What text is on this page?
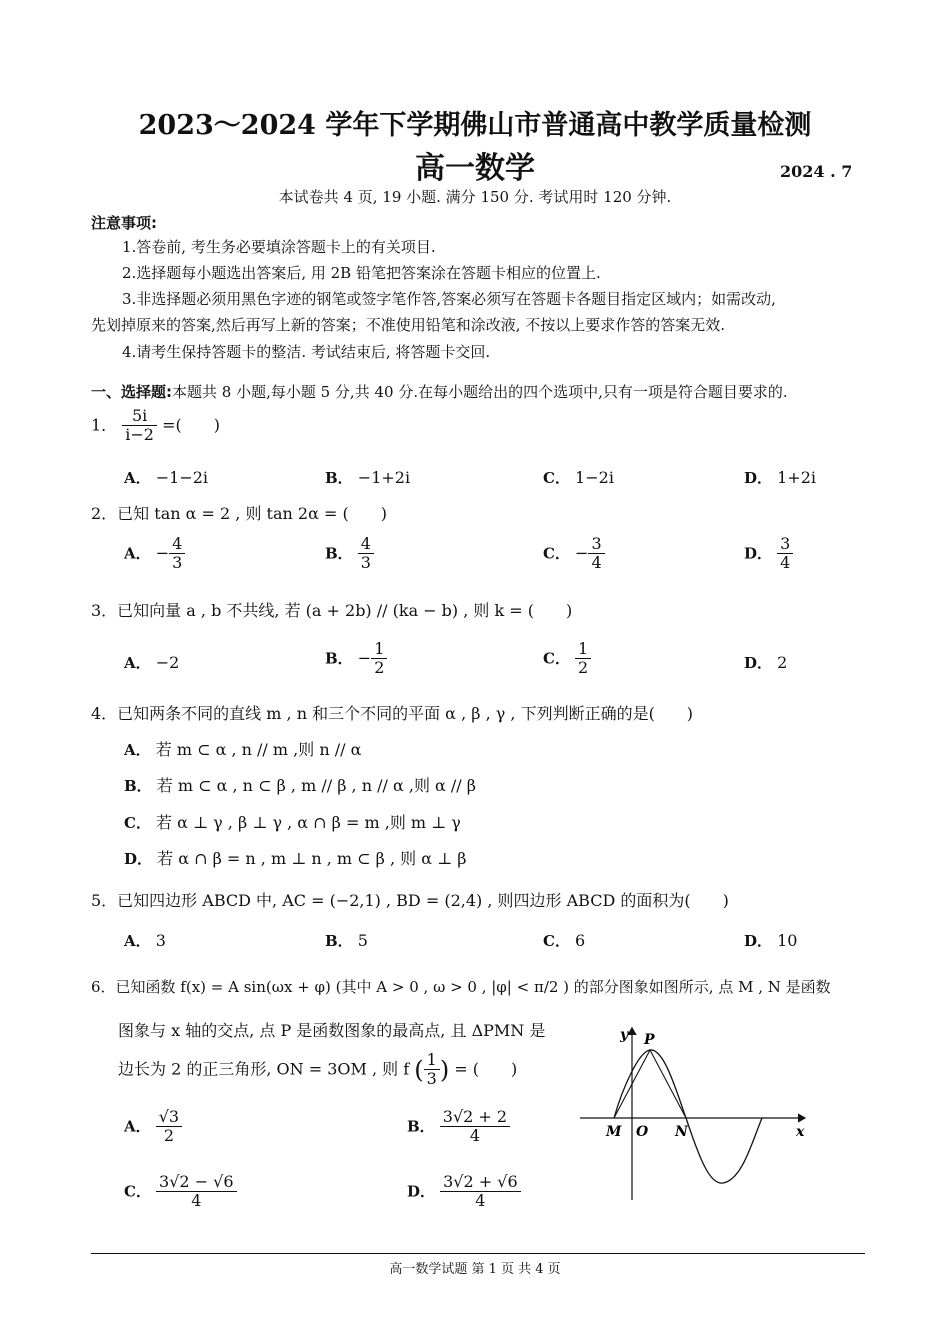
2023～2024 学年下学期佛山市普通高中教学质量检测
高一数学	2024 . 7
本试卷共 4 页, 19 小题. 满分 150 分. 考试用时 120 分钟.
注意事项:
1.答卷前, 考生务必要填涂答题卡上的有关项目.
2.选择题每小题选出答案后, 用 2B 铅笔把答案涂在答题卡相应的位置上.
3.非选择题必须用黑色字迹的钢笔或签字笔作答,答案必须写在答题卡各题目指定区域内；如需改动,
先划掉原来的答案,然后再写上新的答案；不准使用铅笔和涂改液, 不按以上要求作答的答案无效.
4.请考生保持答题卡的整洁. 考试结束后, 将答题卡交回.
一、选择题:本题共 8 小题,每小题 5 分,共 40 分.在每小题给出的四个选项中,只有一项是符合题目要求的.
1． $\frac{5i}{i-2}$ =(　　)
A． −1−2i	B． −1+2i	C． 1−2i	D． 1+2i
2．已知 tan α = 2 , 则 tan 2α = (　　)
A． − $\frac{4}{3}$	B． $\frac{4}{3}$	C． − $\frac{3}{4}$	D． $\frac{3}{4}$
3．已知向量 a , b 不共线, 若 (a + 2b) // (ka − b) , 则 k = (　　)
A． −2	B． − $\frac{1}{2}$	C． $\frac{1}{2}$	D． 2
4．已知两条不同的直线 m , n 和三个不同的平面 α , β , γ , 下列判断正确的是(　　)
A． 若 m ⊂ α , n // m ,则 n // α
B． 若 m ⊂ α , n ⊂ β , m // β , n // α ,则 α // β
C． 若 α ⊥ γ , β ⊥ γ , α ∩ β = m ,则 m ⊥ γ
D． 若 α ∩ β = n , m ⊥ n , m ⊂ β , 则 α ⊥ β
5．已知四边形 ABCD 中, AC = (−2,1) , BD = (2,4) , 则四边形 ABCD 的面积为(　　)
A． 3	B． 5	C． 6	D． 10
6．已知函数 f(x) = A sin(ωx + φ) (其中 A > 0 , ω > 0 , |φ| < π/2 ) 的部分图象如图所示, 点 M , N 是函数
图象与 x 轴的交点, 点 P 是函数图象的最高点, 且 ΔPMN 是
边长为 2 的正三角形, ON = 3OM , 则 f ( $\frac{1}{3}$ ) = (　　)
A． $\frac{√3}{2}$	B． $\frac{3√2 + 2}{4}$
C． $\frac{3√2 - √6}{4}$	D． $\frac{3√2 + √6}{4}$
y P
M O N	x
高一数学试题 第 1 页 共 4 页
